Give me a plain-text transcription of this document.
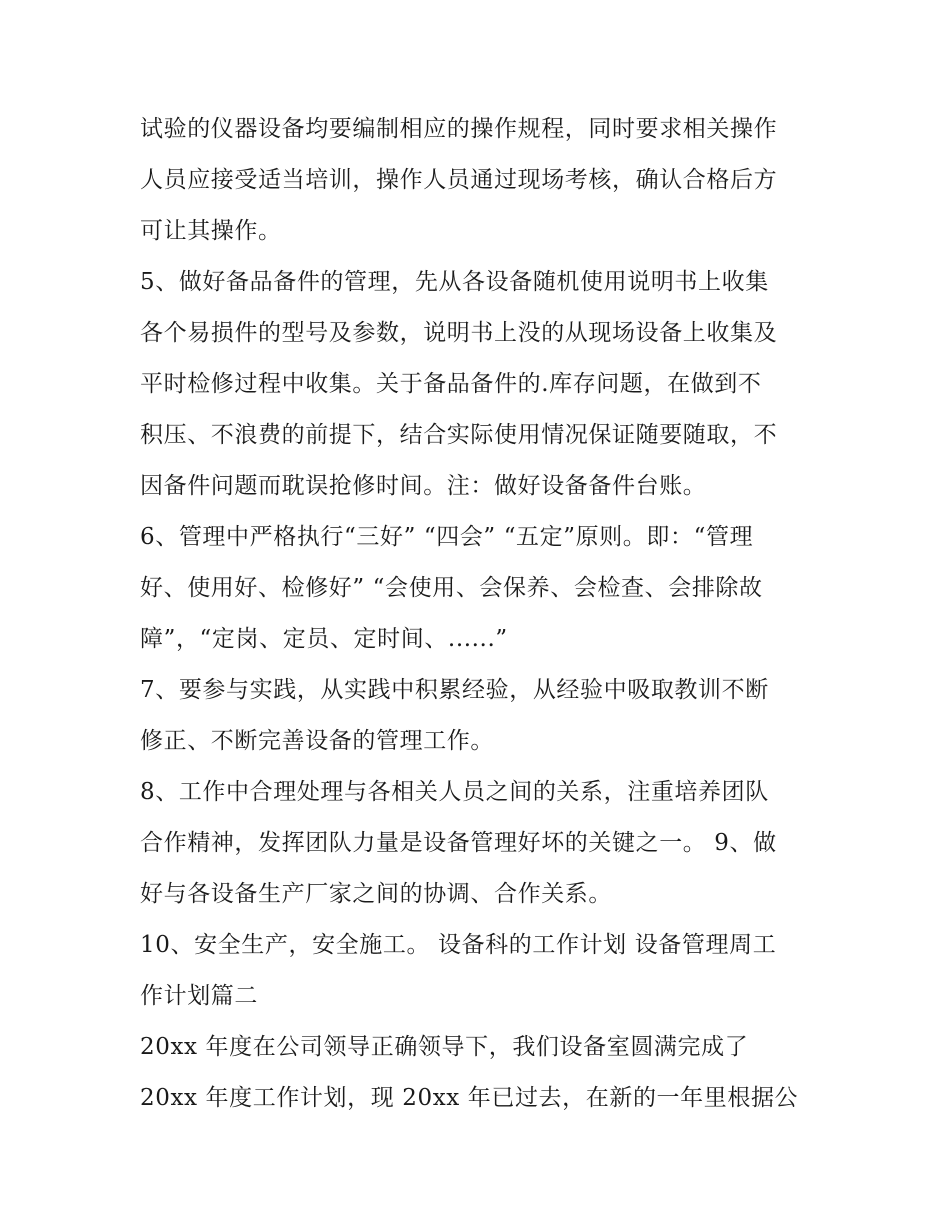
试验的仪器设备均要编制相应的操作规程，同时要求相关操作
人员应接受适当培训，操作人员通过现场考核，确认合格后方
可让其操作。
5、做好备品备件的管理，先从各设备随机使用说明书上收集
各个易损件的型号及参数，说明书上没的从现场设备上收集及
平时检修过程中收集。关于备品备件的.库存问题，在做到不
积压、不浪费的前提下，结合实际使用情况保证随要随取，不
因备件问题而耽误抢修时间。注：做好设备备件台账。
6、管理中严格执行“三好” “四会” “五定”原则。即：“管理
好、使用好、检修好” “会使用、会保养、会检查、会排除故
障”，“定岗、定员、定时间、......”
7、要参与实践，从实践中积累经验，从经验中吸取教训不断
修正、不断完善设备的管理工作。
8、工作中合理处理与各相关人员之间的关系，注重培养团队
合作精神，发挥团队力量是设备管理好坏的关键之一。 9、做
好与各设备生产厂家之间的协调、合作关系。
10、安全生产，安全施工。 设备科的工作计划 设备管理周工
作计划篇二
20xx 年度在公司领导正确领导下，我们设备室圆满完成了
20xx 年度工作计划，现 20xx 年已过去，在新的一年里根据公
